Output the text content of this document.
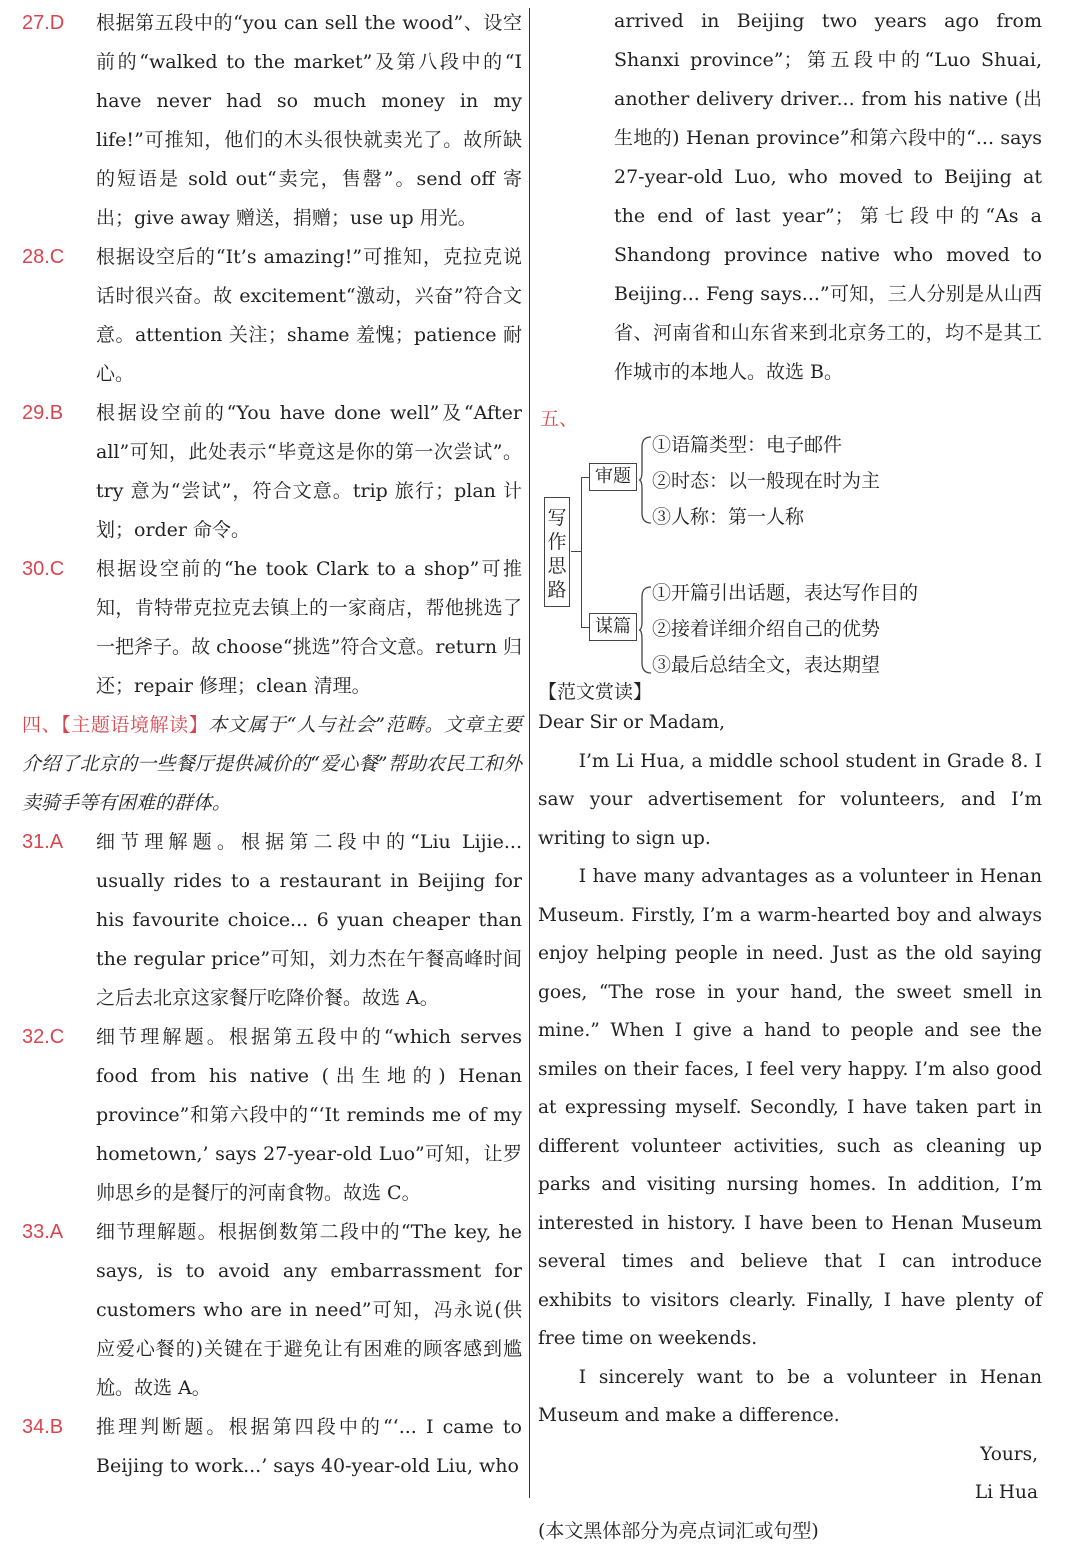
27.D 根据第五段中的“you can sell the wood”、设空前的“walked to the market”及第八段中的“I have never had so much money in my life!”可推知，他们的木头很快就卖光了。故所缺的短语是 sold out“卖完，售罄”。send off 寄出；give away 赠送，捐赠；use up 用光。
28.C 根据设空后的“It’s amazing!”可推知，克拉克说话时很兴奋。故 excitement“激动，兴奋”符合文意。attention 关注；shame 羞愧；patience 耐心。
29.B 根据设空前的“You have done well”及“After all”可知，此处表示“毕竟这是你的第一次尝试”。try 意为“尝试”，符合文意。trip 旅行；plan 计划；order 命令。
30.C 根据设空前的“he took Clark to a shop”可推知，肯特带克拉克去镇上的一家商店，帮他挑选了一把斧子。故 choose“挑选”符合文意。return 归还；repair 修理；clean 清理。
四、【主题语境解读】本文属于“人与社会”范畴。文章主要介绍了北京的一些餐厅提供减价的“爱心餐”帮助农民工和外卖骑手等有困难的群体。
31.A 细节理解题。根据第二段中的“Liu Lijie... usually rides to a restaurant in Beijing for his favourite choice... 6 yuan cheaper than the regular price”可知，刘力杰在午餐高峰时间之后去北京这家餐厅吃降价餐。故选 A。
32.C 细节理解题。根据第五段中的“which serves food from his native (出生地的) Henan province”和第六段中的“‘It reminds me of my hometown,’ says 27-year-old Luo”可知，让罗帅思乡的是餐厅的河南食物。故选 C。
33.A 细节理解题。根据倒数第二段中的“The key, he says, is to avoid any embarrassment for customers who are in need”可知，冯永说(供应爱心餐的)关键在于避免让有困难的顾客感到尴尬。故选 A。
34.B 推理判断题。根据第四段中的“‘... I came to Beijing to work...’ says 40-year-old Liu, who
arrived in Beijing two years ago from Shanxi province”；第五段中的“Luo Shuai, another delivery driver... from his native (出生地的) Henan province”和第六段中的“... says 27-year-old Luo, who moved to Beijing at the end of last year”；第七段中的“As a Shandong province native who moved to Beijing... Feng says...”可知，三人分别是从山西省、河南省和山东省来到北京务工的，均不是其工作城市的本地人。故选 B。
五、
写作思路
审题
谋篇
①语篇类型：电子邮件
②时态：以一般现在时为主
③人称：第一人称
①开篇引出话题，表达写作目的
②接着详细介绍自己的优势
③最后总结全文，表达期望
【范文赏读】

Dear Sir or Madam,

I’m Li Hua, a middle school student in Grade 8. I saw your advertisement for volunteers, and I’m writing to sign up.

I have many advantages as a volunteer in Henan Museum. Firstly, I’m a warm-hearted boy and always enjoy helping people in need. Just as the old saying goes, “The rose in your hand, the sweet smell in mine.” When I give a hand to people and see the smiles on their faces, I feel very happy. I’m also good at expressing myself. Secondly, I have taken part in different volunteer activities, such as cleaning up parks and visiting nursing homes. In addition, I’m interested in history. I have been to Henan Museum several times and believe that I can introduce exhibits to visitors clearly. Finally, I have plenty of free time on weekends.

I sincerely want to be a volunteer in Henan Museum and make a difference.

Yours,

Li Hua

(本文黑体部分为亮点词汇或句型)
